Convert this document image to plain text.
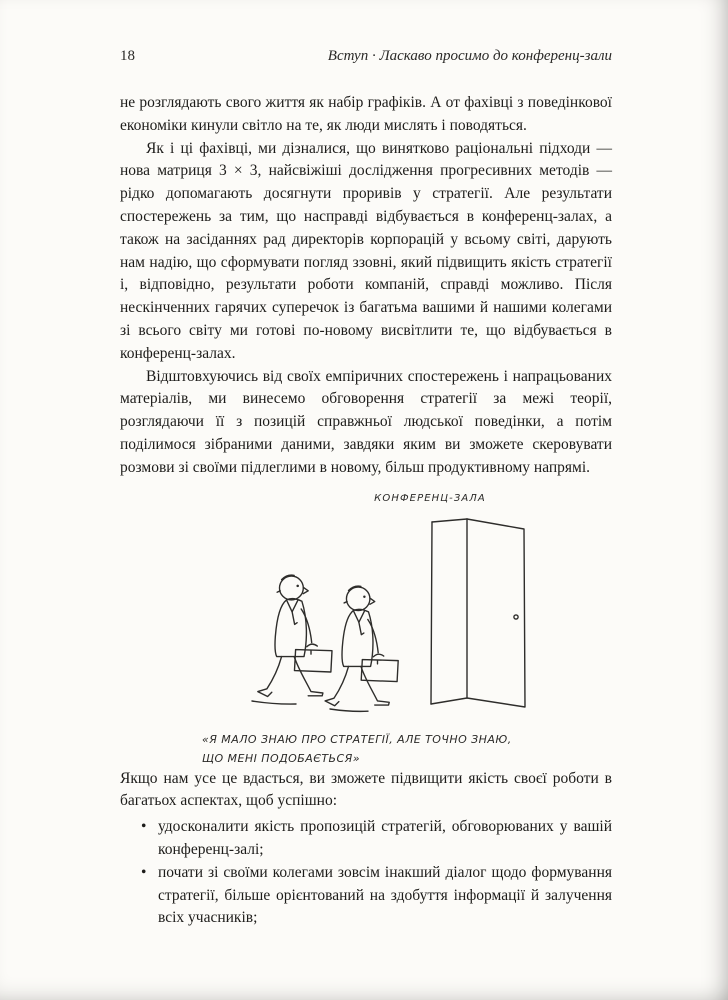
18	Вступ · Ласкаво просимо до конференц-зали

не розглядають свого життя як набір графіків. А от фахівці з поведінкової економіки кинули світло на те, як люди мислять і поводяться.

Як і ці фахівці, ми дізналися, що винятково раціональні підходи — нова матриця 3 × 3, найсвіжіші дослідження прогресивних методів — рідко допомагають досягнути проривів у стратегії. Але результати спостережень за тим, що насправді відбувається в конференц-залах, а також на засіданнях рад директорів корпорацій у всьому світі, дарують нам надію, що сформувати погляд ззовні, який підвищить якість стратегії і, відповідно, результати роботи компаній, справді можливо. Після нескінченних гарячих суперечок із багатьма вашими й нашими колегами зі всього світу ми готові по-новому висвітлити те, що відбувається в конференц-залах.

Відштовхуючись від своїх емпіричних спостережень і напрацьованих матеріалів, ми винесемо обговорення стратегії за межі теорії, розглядаючи її з позицій справжньої людської поведінки, а потім поділимося зібраними даними, завдяки яким ви зможете скеровувати розмови зі своїми підлеглими в новому, більш продуктивному напрямі.

КОНФЕРЕНЦ-ЗАЛА
«Я МАЛО ЗНАЮ ПРО СТРАТЕГІЇ, АЛЕ ТОЧНО ЗНАЮ,
ЩО МЕНІ ПОДОБАЄТЬСЯ»

Якщо нам усе це вдасться, ви зможете підвищити якість своєї роботи в багатьох аспектах, щоб успішно:

• удосконалити якість пропозицій стратегій, обговорюваних у вашій конференц-залі;
• почати зі своїми колегами зовсім інакший діалог щодо формування стратегії, більше орієнтований на здобуття інформації й залучення всіх учасників;
